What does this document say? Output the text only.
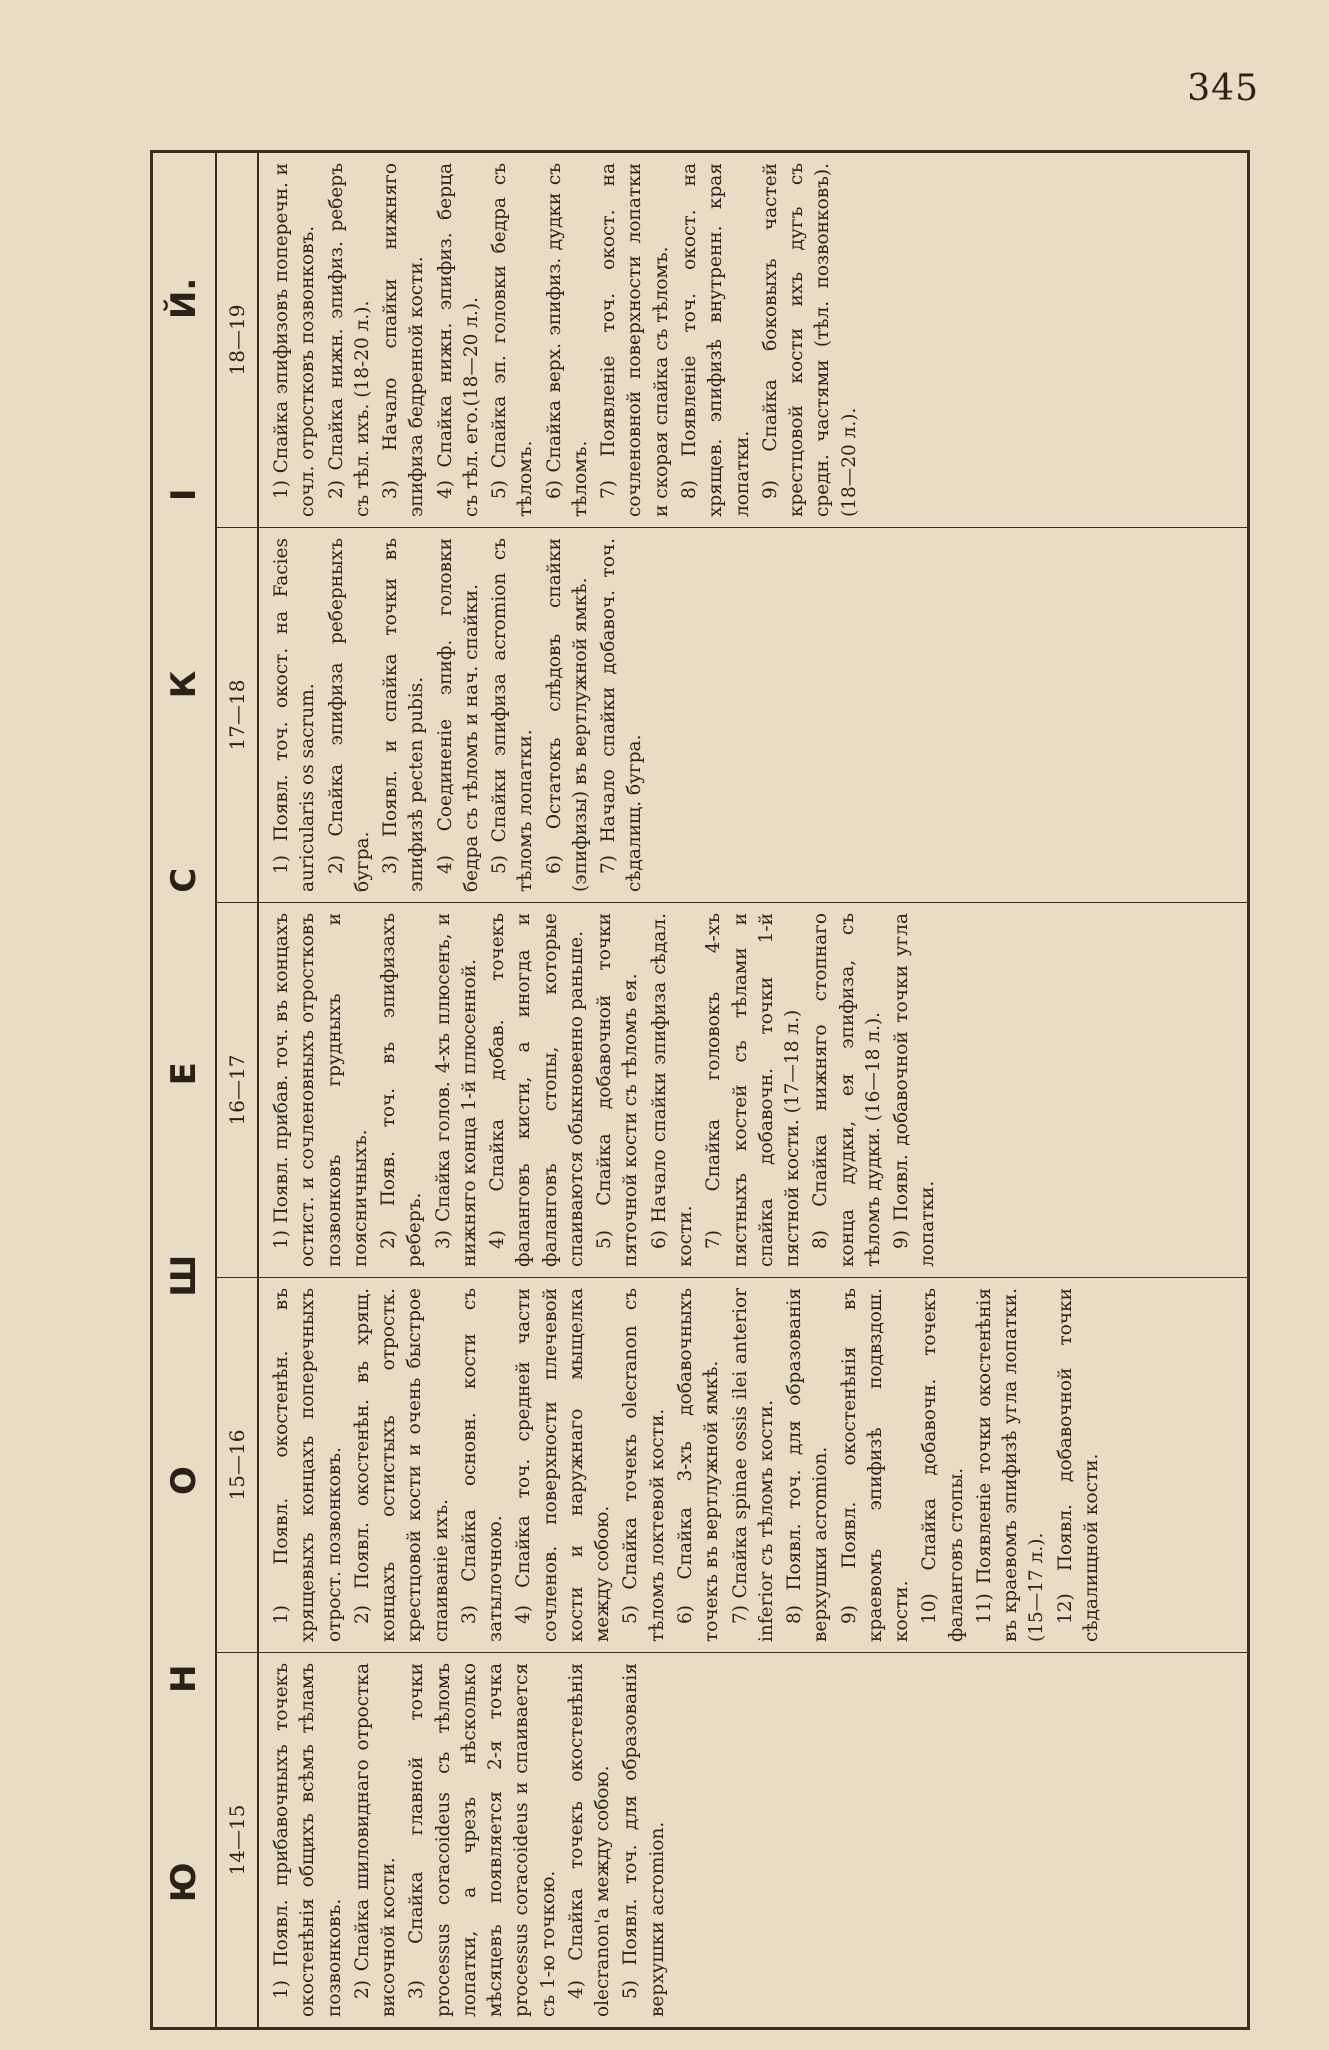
345
Ю
Н
О
Ш
Е
С
К
І
Й.
14—15
15—16
16—17
17—18
18—19

1) Появл. прибавочныхъ точекъ окостенѣнія общихъ всѣмъ тѣламъ позвонковъ. 2) Спайка шиловиднаго отростка височной кости. 3) Спайка главной точки processus coracoideus съ тѣломъ лопатки, а чрезъ нѣсколько мѣсяцевъ появляется 2-я точка processus coracoideus и спаивается съ 1-ю точкою. 4) Спайка точекъ окостенѣнія olecranon'а между собою. 5) Появл. точ. для образованія верхушки acromion.

1) Появл. окостенѣн. въ хрящевыхъ концахъ поперечныхъ отрост. позвонковъ. 2) Появл. окостенѣн. въ хрящ. концахъ остистыхъ отростк. крестцовой кости и очень быстрое спаиваніе ихъ. 3) Спайка основн. кости съ затылочною. 4) Спайка точ. средней части сочленов. поверхности плечевой кости и наружнаго мыщелка между собою. 5) Спайка точекъ olecranon съ тѣломъ локтевой кости. 6) Спайка 3-хъ добавочныхъ точекъ въ вертлужной ямкѣ. 7) Спайка spinae ossis ilei anterior inferior съ тѣломъ кости. 8) Появл. точ. для образованія верхушки acromion. 9) Появл. окостенѣнія въ краевомъ эпифизѣ подвздош. кости. 10) Спайка добавочн. точекъ фаланговъ стопы. 11) Появленіе точки окостенѣнія въ краевомъ эпифизѣ угла лопатки. (15—17 л.). 12) Появл. добавочной точки сѣдалищной кости.

1) Появл. прибав. точ. въ концахъ остист. и сочленовныхъ отростковъ позвонковъ грудныхъ и поясничныхъ. 2) Появ. точ. въ эпифизахъ реберъ. 3) Спайка голов. 4-хъ плюсенъ, и нижняго конца 1-й плюсенной. 4) Спайка добав. точекъ фаланговъ кисти, а иногда и фаланговъ стопы, которые спаиваются обыкновенно раньше. 5) Спайка добавочной точки пяточной кости съ тѣломъ ея. 6) Начало спайки эпифиза сѣдал. кости. 7) Спайка головокъ 4-хъ пястныхъ костей съ тѣлами и спайка добавочн. точки 1-й пястной кости. (17—18 л.) 8) Спайка нижняго стопнаго конца дудки, ея эпифиза, съ тѣломъ дудки. (16—18 л.). 9) Появл. добавочной точки угла лопатки.

1) Появл. точ. окост. на Facies auricularis os sacrum. 2) Спайка эпифиза реберныхъ бугра. 3) Появл. и спайка точки въ эпифизѣ pecten pubis. 4) Соединеніе эпиф. головки бедра съ тѣломъ и нач. спайки. 5) Спайки эпифиза acromion съ тѣломъ лопатки. 6) Остатокъ слѣдовъ спайки (эпифизы) въ вертлужной ямкѣ. 7) Начало спайки добавоч. точ. сѣдалищ. бугра.

1) Спайка эпифизовъ поперечн. и сочл. отростковъ позвонковъ. 2) Спайка нижн. эпифиз. реберъ съ тѣл. ихъ. (18-20 л.). 3) Начало спайки нижняго эпифиза бедренной кости. 4) Спайка нижн. эпифиз. берца съ тѣл. его.(18—20 л.). 5) Спайка эп. головки бедра съ тѣломъ. 6) Спайка верх. эпифиз. дудки съ тѣломъ. 7) Появленіе точ. окост. на сочленовной поверхности лопатки и скорая спайка съ тѣломъ. 8) Появленіе точ. окост. на хрящев. эпифизѣ внутренн. края лопатки. 9) Спайка боковыхъ частей крестцовой кости ихъ дугъ съ средн. частями (тѣл. позвонковъ). (18—20 л.).
